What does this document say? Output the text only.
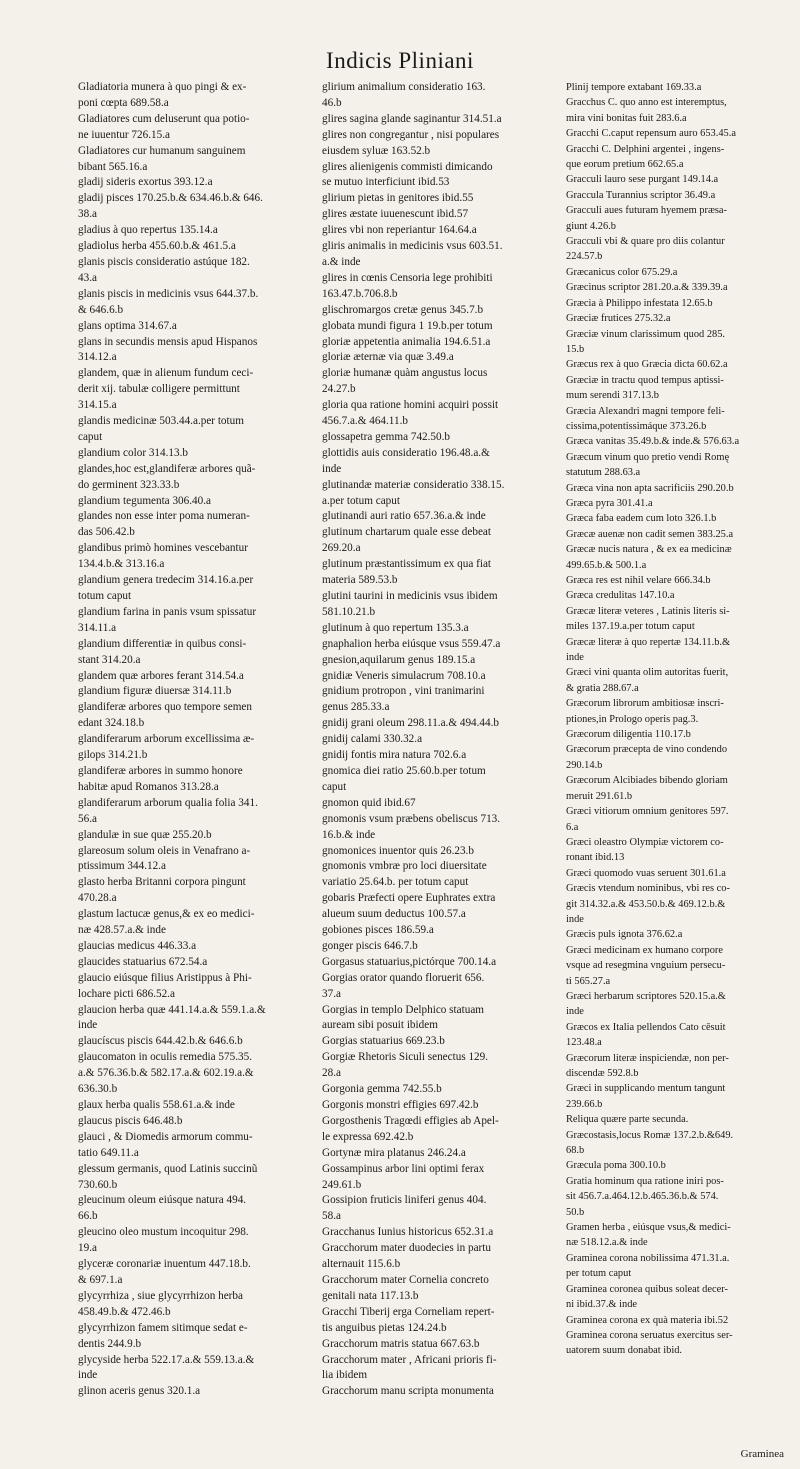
Indicis Pliniani
Gladiatoria munera à quo pingi & ex-
poni cœpta 689.58.a
Gladiatores cum deluserunt qua potio-
ne iuuentur 726.15.a
Gladiatores cur humanum sanguinem
bibant 565.16.a
gladij sideris exortus 393.12.a
gladij pisces 170.25.b.& 634.46.b.& 646.
38.a
gladius à quo repertus 135.14.a
gladiolus herba 455.60.b.& 461.5.a
glanis piscis consideratio astúque 182.
43.a
glanis piscis in medicinis vsus 644.37.b.
& 646.6.b
glans optima 314.67.a
glans in secundis mensis apud Hispanos
314.12.a
glandem, quæ in alienum fundum ceci-
derit xij. tabulæ colligere permittunt
314.15.a
glandis medicinæ 503.44.a.per totum
caput
glandium color 314.13.b
glandes,hoc est,glandiferæ arbores quã-
do germinent 323.33.b
glandium tegumenta 306.40.a
glandes non esse inter poma numeran-
das 506.42.b
glandibus primò homines vescebantur
134.4.b.& 313.16.a
glandium genera tredecim 314.16.a.per
totum caput
glandium farina in panis vsum spissatur
314.11.a
glandium differentiæ in quibus consi-
stant 314.20.a
glandem quæ arbores ferant 314.54.a
glandium figuræ diuersæ 314.11.b
glandiferæ arbores quo tempore semen
edant 324.18.b
glandiferarum arborum excellissima æ-
gilops 314.21.b
glandiferæ arbores in summo honore
habitæ apud Romanos 313.28.a
glandiferarum arborum qualia folia 341.
56.a
glandulæ in sue quæ 255.20.b
glareosum solum oleis in Venafrano a-
ptissimum 344.12.a
glasto herba Britanni corpora pingunt
470.28.a
glastum lactucæ genus,& ex eo medici-
næ 428.57.a.& inde
glaucias medicus 446.33.a
glaucides statuarius 672.54.a
glaucio eiúsque filius Aristippus à Phi-
lochare picti 686.52.a
glaucion herba quæ 441.14.a.& 559.1.a.&
inde
glaucíscus piscis 644.42.b.& 646.6.b
glaucomaton in oculis remedia 575.35.
a.& 576.36.b.& 582.17.a.& 602.19.a.&
636.30.b
glaux herba qualis 558.61.a.& inde
glaucus piscis 646.48.b
glauci , & Diomedis armorum commu-
tatio 649.11.a
glessum germanis, quod Latinis succinũ
730.60.b
gleucinum oleum eiúsque natura 494.
66.b
gleucino oleo mustum incoquitur 298.
19.a
glyceræ coronariæ inuentum 447.18.b.
& 697.1.a
glycyrrhiza , siue glycyrrhizon herba
458.49.b.& 472.46.b
glycyrrhizon famem sitimque sedat e-
dentis 244.9.b
glycyside herba 522.17.a.& 559.13.a.&
inde
glinon aceris genus 320.1.a
glirium animalium consideratio 163.
46.b
glires sagina glande saginantur 314.51.a
glires non congregantur , nisi populares
eiusdem syluæ 163.52.b
glires alienigenis commisti dimicando
se mutuo interficiunt ibid.53
glirium pietas in genitores ibid.55
glires æstate iuuenescunt ibid.57
glires vbi non reperiantur 164.64.a
gliris animalis in medicinis vsus 603.51.
a.& inde
glires in cœnis Censoria lege prohibiti
163.47.b.706.8.b
glischromargos cretæ genus 345.7.b
globata mundi figura 1 19.b.per totum
gloriæ appetentia animalia 194.6.51.a
gloriæ æternæ via quæ 3.49.a
gloriæ humanæ quàm angustus locus
24.27.b
gloria qua ratione homini acquiri possit
456.7.a.& 464.11.b
glossapetra gemma 742.50.b
glottidis auis consideratio 196.48.a.&
inde
glutinandæ materiæ consideratio 338.15.
a.per totum caput
glutinandi auri ratio 657.36.a.& inde
glutinum chartarum quale esse debeat
269.20.a
glutinum præstantissimum ex qua fiat
materia 589.53.b
glutini taurini in medicinis vsus ibidem
581.10.21.b
glutinum à quo repertum 135.3.a
gnaphalion herba eiúsque vsus 559.47.a
gnesion,aquilarum genus 189.15.a
gnidiæ Veneris simulacrum 708.10.a
gnidium protropon , vini tranimarini
genus 285.33.a
gnidij grani oleum 298.11.a.& 494.44.b
gnidij calami 330.32.a
gnidij fontis mira natura 702.6.a
gnomica diei ratio 25.60.b.per totum
caput
gnomon quid ibid.67
gnomonis vsum præbens obeliscus 713.
16.b.& inde
gnomonices inuentor quis 26.23.b
gnomonis vmbræ pro loci diuersitate
variatio 25.64.b. per totum caput
gobaris Præfecti opere Euphrates extra
alueum suum deductus 100.57.a
gobiones pisces 186.59.a
gonger piscis 646.7.b
Gorgasus statuarius,pictórque 700.14.a
Gorgias orator quando floruerit 656.
37.a
Gorgias in templo Delphico statuam
auream sibi posuit ibidem
Gorgias statuarius 669.23.b
Gorgiæ Rhetoris Siculi senectus 129.
28.a
Gorgonia gemma 742.55.b
Gorgonis monstri effigies 697.42.b
Gorgosthenis Tragœdi effigies ab Apel-
le expressa 692.42.b
Gortynæ mira platanus 246.24.a
Gossampinus arbor lini optimi ferax
249.61.b
Gossipion fruticis liniferi genus 404.
58.a
Gracchanus Iunius historicus 652.31.a
Gracchorum mater duodecies in partu
alternauit 115.6.b
Gracchorum mater Cornelia concreto
genitali nata 117.13.b
Gracchi Tiberij erga Corneliam repert-
tis anguibus pietas 124.24.b
Gracchorum matris statua 667.63.b
Gracchorum mater , Africani prioris fi-
lia ibidem
Gracchorum manu scripta monumenta
Plinij tempore extabant 169.33.a
Gracchus C. quo anno est interemptus,
mira vini bonitas fuit 283.6.a
Gracchi C.caput repensum auro 653.45.a
Gracchi C. Delphini argentei , ingens-
que eorum pretium 662.65.a
Gracculi lauro sese purgant 149.14.a
Graccula Turannius scriptor 36.49.a
Gracculi aues futuram hyemem præsa-
giunt 4.26.b
Gracculi vbi & quare pro diis colantur
224.57.b
Græcanicus color 675.29.a
Græcinus scriptor 281.20.a.& 339.39.a
Græcia à Philippo infestata 12.65.b
Græciæ frutices 275.32.a
Græciæ vinum clarissimum quod 285.
15.b
Græcus rex à quo Græcia dicta 60.62.a
Græciæ in tractu quod tempus aptissi-
mum serendi 317.13.b
Græcia Alexandri magni tempore feli-
cissima,potentissimáque 373.26.b
Græca vanitas 35.49.b.& inde.& 576.63.a
Græcum vinum quo pretio vendi Romę
statutum 288.63.a
Græca vina non apta sacrificiis 290.20.b
Græca pyra 301.41.a
Græca faba eadem cum loto 326.1.b
Græcæ auenæ non cadit semen 383.25.a
Græcæ nucis natura , & ex ea medicinæ
499.65.b.& 500.1.a
Græca res est nihil velare 666.34.b
Græca credulitas 147.10.a
Græcæ literæ veteres , Latinis literis si-
miles 137.19.a.per totum caput
Græcæ literæ à quo repertæ 134.11.b.&
inde
Græci vini quanta olim autoritas fuerit,
& gratia 288.67.a
Græcorum librorum ambitiosæ inscri-
ptiones,in Prologo operis pag.3.
Græcorum diligentia 110.17.b
Græcorum præcepta de vino condendo
290.14.b
Græcorum Alcibiades bibendo gloriam
meruit 291.61.b
Græci vitiorum omnium genitores 597.
6.a
Græci oleastro Olympiæ victorem co-
ronant ibid.13
Græci quomodo vuas seruent 301.61.a
Græcis vtendum nominibus, vbi res co-
git 314.32.a.& 453.50.b.& 469.12.b.&
inde
Græcis puls ignota 376.62.a
Græci medicinam ex humano corpore
vsque ad resegmina vnguium persecu-
ti 565.27.a
Græci herbarum scriptores 520.15.a.&
inde
Græcos ex Italia pellendos Cato cēsuit
123.48.a
Græcorum literæ inspiciendæ, non per-
discendæ 592.8.b
Græci in supplicando mentum tangunt
239.66.b
Reliqua quære parte secunda.
Græcostasis,locus Romæ 137.2.b.&649.
68.b
Græcula poma 300.10.b
Gratia hominum qua ratione iniri pos-
sit 456.7.a.464.12.b.465.36.b.& 574.
50.b
Gramen herba , eiúsque vsus,& medici-
næ 518.12.a.& inde
Graminea corona nobilissima 471.31.a.
per totum caput
Graminea coronea quibus soleat decer-
ni ibid.37.& inde
Graminea corona ex quà materia ibi.52
Graminea corona seruatus exercitus ser-
uatorem suum donabat ibid.
Graminea
